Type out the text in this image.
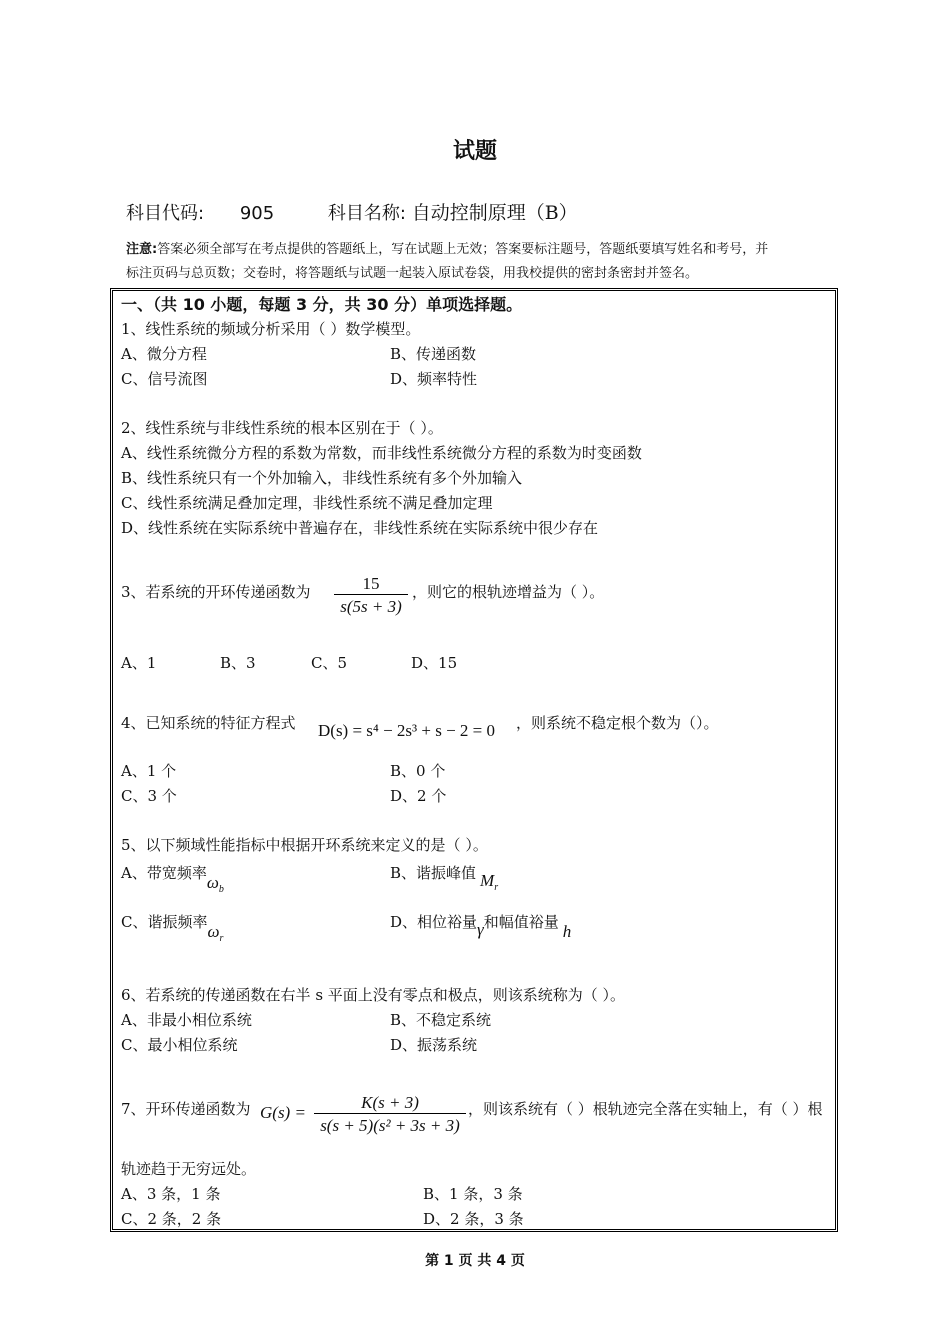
试题
科目代码: 905	科目名称: 自动控制原理（B）
注意:答案必须全部写在考点提供的答题纸上，写在试题上无效；答案要标注题号，答题纸要填写姓名和考号，并
标注页码与总页数；交卷时，将答题纸与试题一起装入原试卷袋，用我校提供的密封条密封并签名。
一、（共 10 小题，每题 3 分，共 30 分）单项选择题。
1、线性系统的频域分析采用（ ）数学模型。
A、微分方程	B、传递函数
C、信号流图	D、频率特性
2、线性系统与非线性系统的根本区别在于（ ）。
A、线性系统微分方程的系数为常数，而非线性系统微分方程的系数为时变函数
B、线性系统只有一个外加输入，非线性系统有多个外加输入
C、线性系统满足叠加定理，非线性系统不满足叠加定理
D、线性系统在实际系统中普遍存在，非线性系统在实际系统中很少存在
3、若系统的开环传递函数为 $\frac{15}{s(5s + 3)}$ ，则它的根轨迹增益为（ ）。
A、1	B、3	C、5	D、15
4、已知系统的特征方程式 D(s) = s⁴ − 2s³ + s − 2 = 0 ，则系统不稳定根个数为（）。
A、1 个	B、0 个
C、3 个	D、2 个
5、以下频域性能指标中根据开环系统来定义的是（ ）。
A、带宽频率$\omega_b$
B、谐振峰值 $M_r$
C、谐振频率$\omega_r$
D、相位裕量γ和幅值裕量 h
6、若系统的传递函数在右半 s 平面上没有零点和极点，则该系统称为（ ）。
A、非最小相位系统	B、不稳定系统
C、最小相位系统	D、振荡系统
7、开环传递函数为 $G(s) = \frac{K(s + 3)}{\text{s(s + 5)(s² + 3s + 3)}}$ ，则该系统有（ ）根轨迹完全落在实轴上，有（ ）根
轨迹趋于无穷远处。
A、3 条，1 条	B、1 条，3 条
C、2 条，2 条	D、2 条，3 条
第 1 页 共 4 页
